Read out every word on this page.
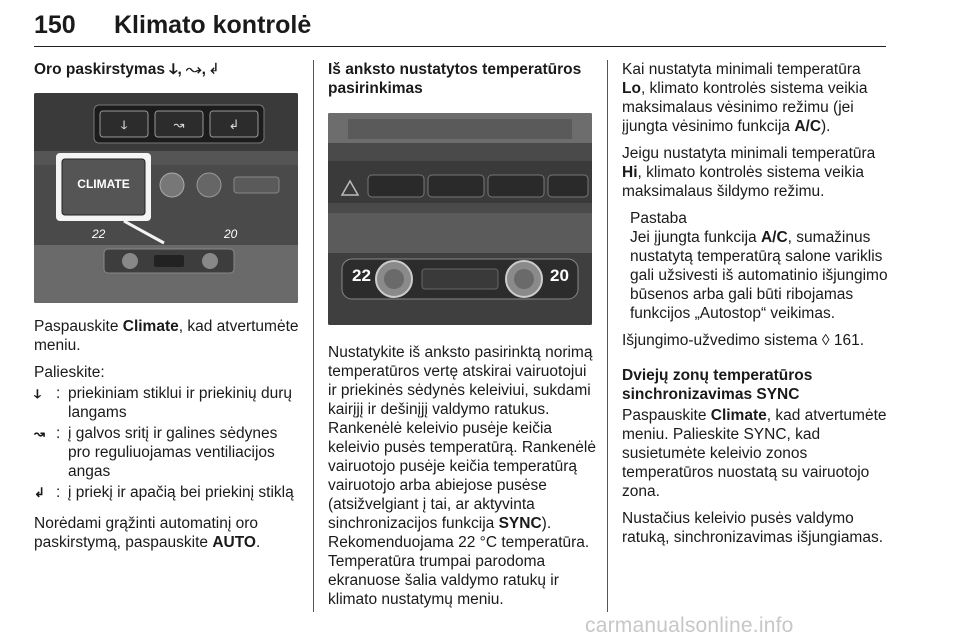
150 Klimato kontrolė
Oro paskirstymas ↆ, ↝, ↲
ↆ	↝	↲
CLIMATE
22	20

Paspauskite Climate, kad atvertumėte meniu.

Palieskite:

ↆ : priekiniam stiklui ir priekinių durų langams
↝ : į galvos sritį ir galines sėdynes pro reguliuojamas ventiliacijos angas
↲ : į priekį ir apačią bei priekinį stiklą

Norėdami grąžinti automatinį oro paskirstymą, paspauskite AUTO.

Iš anksto nustatytos temperatūros pasirinkimas
22	20

Nustatykite iš anksto pasirinktą norimą temperatūros vertę atskirai vairuotojui ir priekinės sėdynės keleiviui, sukdami kairįjį ir dešinįjį valdymo ratukus. Rankenėlė keleivio pusėje keičia keleivio pusės temperatūrą. Rankenėlė vairuotojo pusėje keičia temperatūrą vairuotojo arba abiejose pusėse (atsižvelgiant į tai, ar aktyvinta sinchronizacijos funkcija SYNC). Rekomenduojama 22 °C temperatūra. Temperatūra trumpai parodoma ekranuose šalia valdymo ratukų ir klimato nustatymų meniu.

Kai nustatyta minimali temperatūra Lo, klimato kontrolės sistema veikia maksimalaus vėsinimo režimu (jei įjungta vėsinimo funkcija A/C).

Jeigu nustatyta minimali temperatūra Hi, klimato kontrolės sistema veikia maksimalaus šildymo režimu.

Pastaba
Jei įjungta funkcija A/C, sumažinus nustatytą temperatūrą salone variklis gali užsivesti iš automatinio išjungimo būsenos arba gali būti ribojamas funkcijos „Autostop“ veikimas.

Išjungimo-užvedimo sistema ◊ 161.

Dviejų zonų temperatūros sinchronizavimas SYNC

Paspauskite Climate, kad atvertumėte meniu. Palieskite SYNC, kad susietumėte keleivio zonos temperatūros nuostatą su vairuotojo zona.

Nustačius keleivio pusės valdymo ratuką, sinchronizavimas išjungiamas.

carmanualsonline.info
